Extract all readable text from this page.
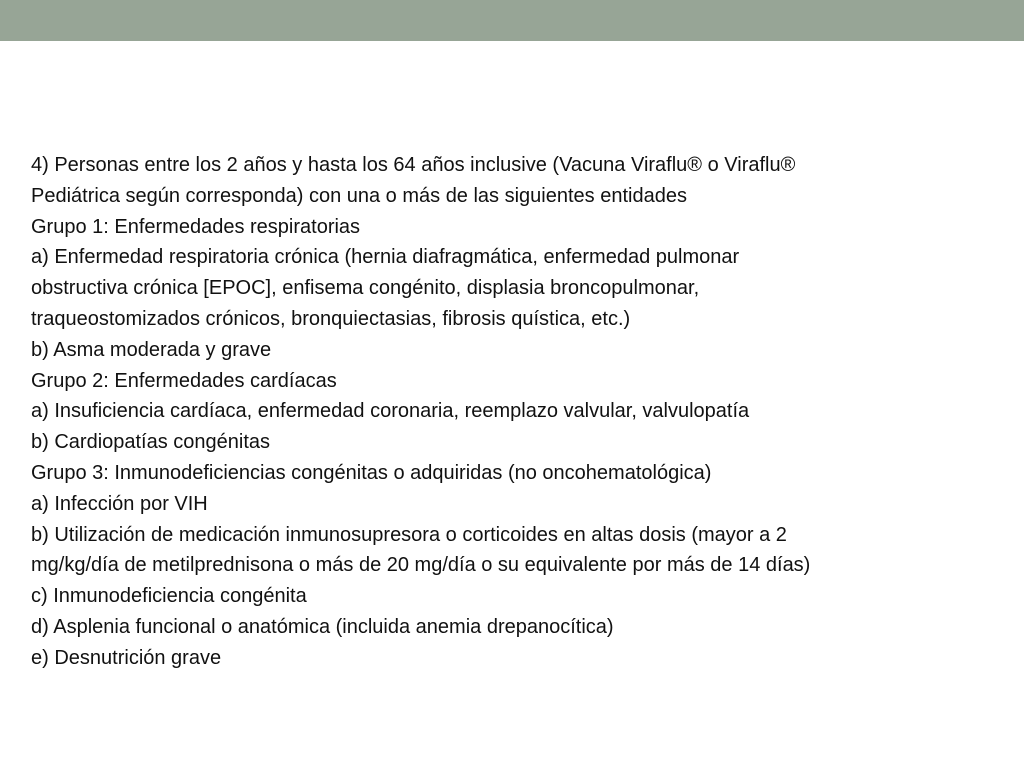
4) Personas entre los 2 años y hasta los 64 años inclusive (Vacuna Viraflu® o Viraflu®
Pediátrica según corresponda) con una o más de las siguientes entidades
Grupo 1: Enfermedades respiratorias
a) Enfermedad respiratoria crónica (hernia diafragmática, enfermedad pulmonar
obstructiva crónica [EPOC], enfisema congénito, displasia broncopulmonar,
traqueostomizados crónicos, bronquiectasias, fibrosis quística, etc.)
b) Asma moderada y grave
Grupo 2: Enfermedades cardíacas
a) Insuficiencia cardíaca, enfermedad coronaria, reemplazo valvular, valvulopatía
b) Cardiopatías congénitas
Grupo 3: Inmunodeficiencias congénitas o adquiridas (no oncohematológica)
a) Infección por VIH
b) Utilización de medicación inmunosupresora o corticoides en altas dosis (mayor a 2
mg/kg/día de metilprednisona o más de 20 mg/día o su equivalente por más de 14 días)
c) Inmunodeficiencia congénita
d) Asplenia funcional o anatómica (incluida anemia drepanocítica)
e) Desnutrición grave
